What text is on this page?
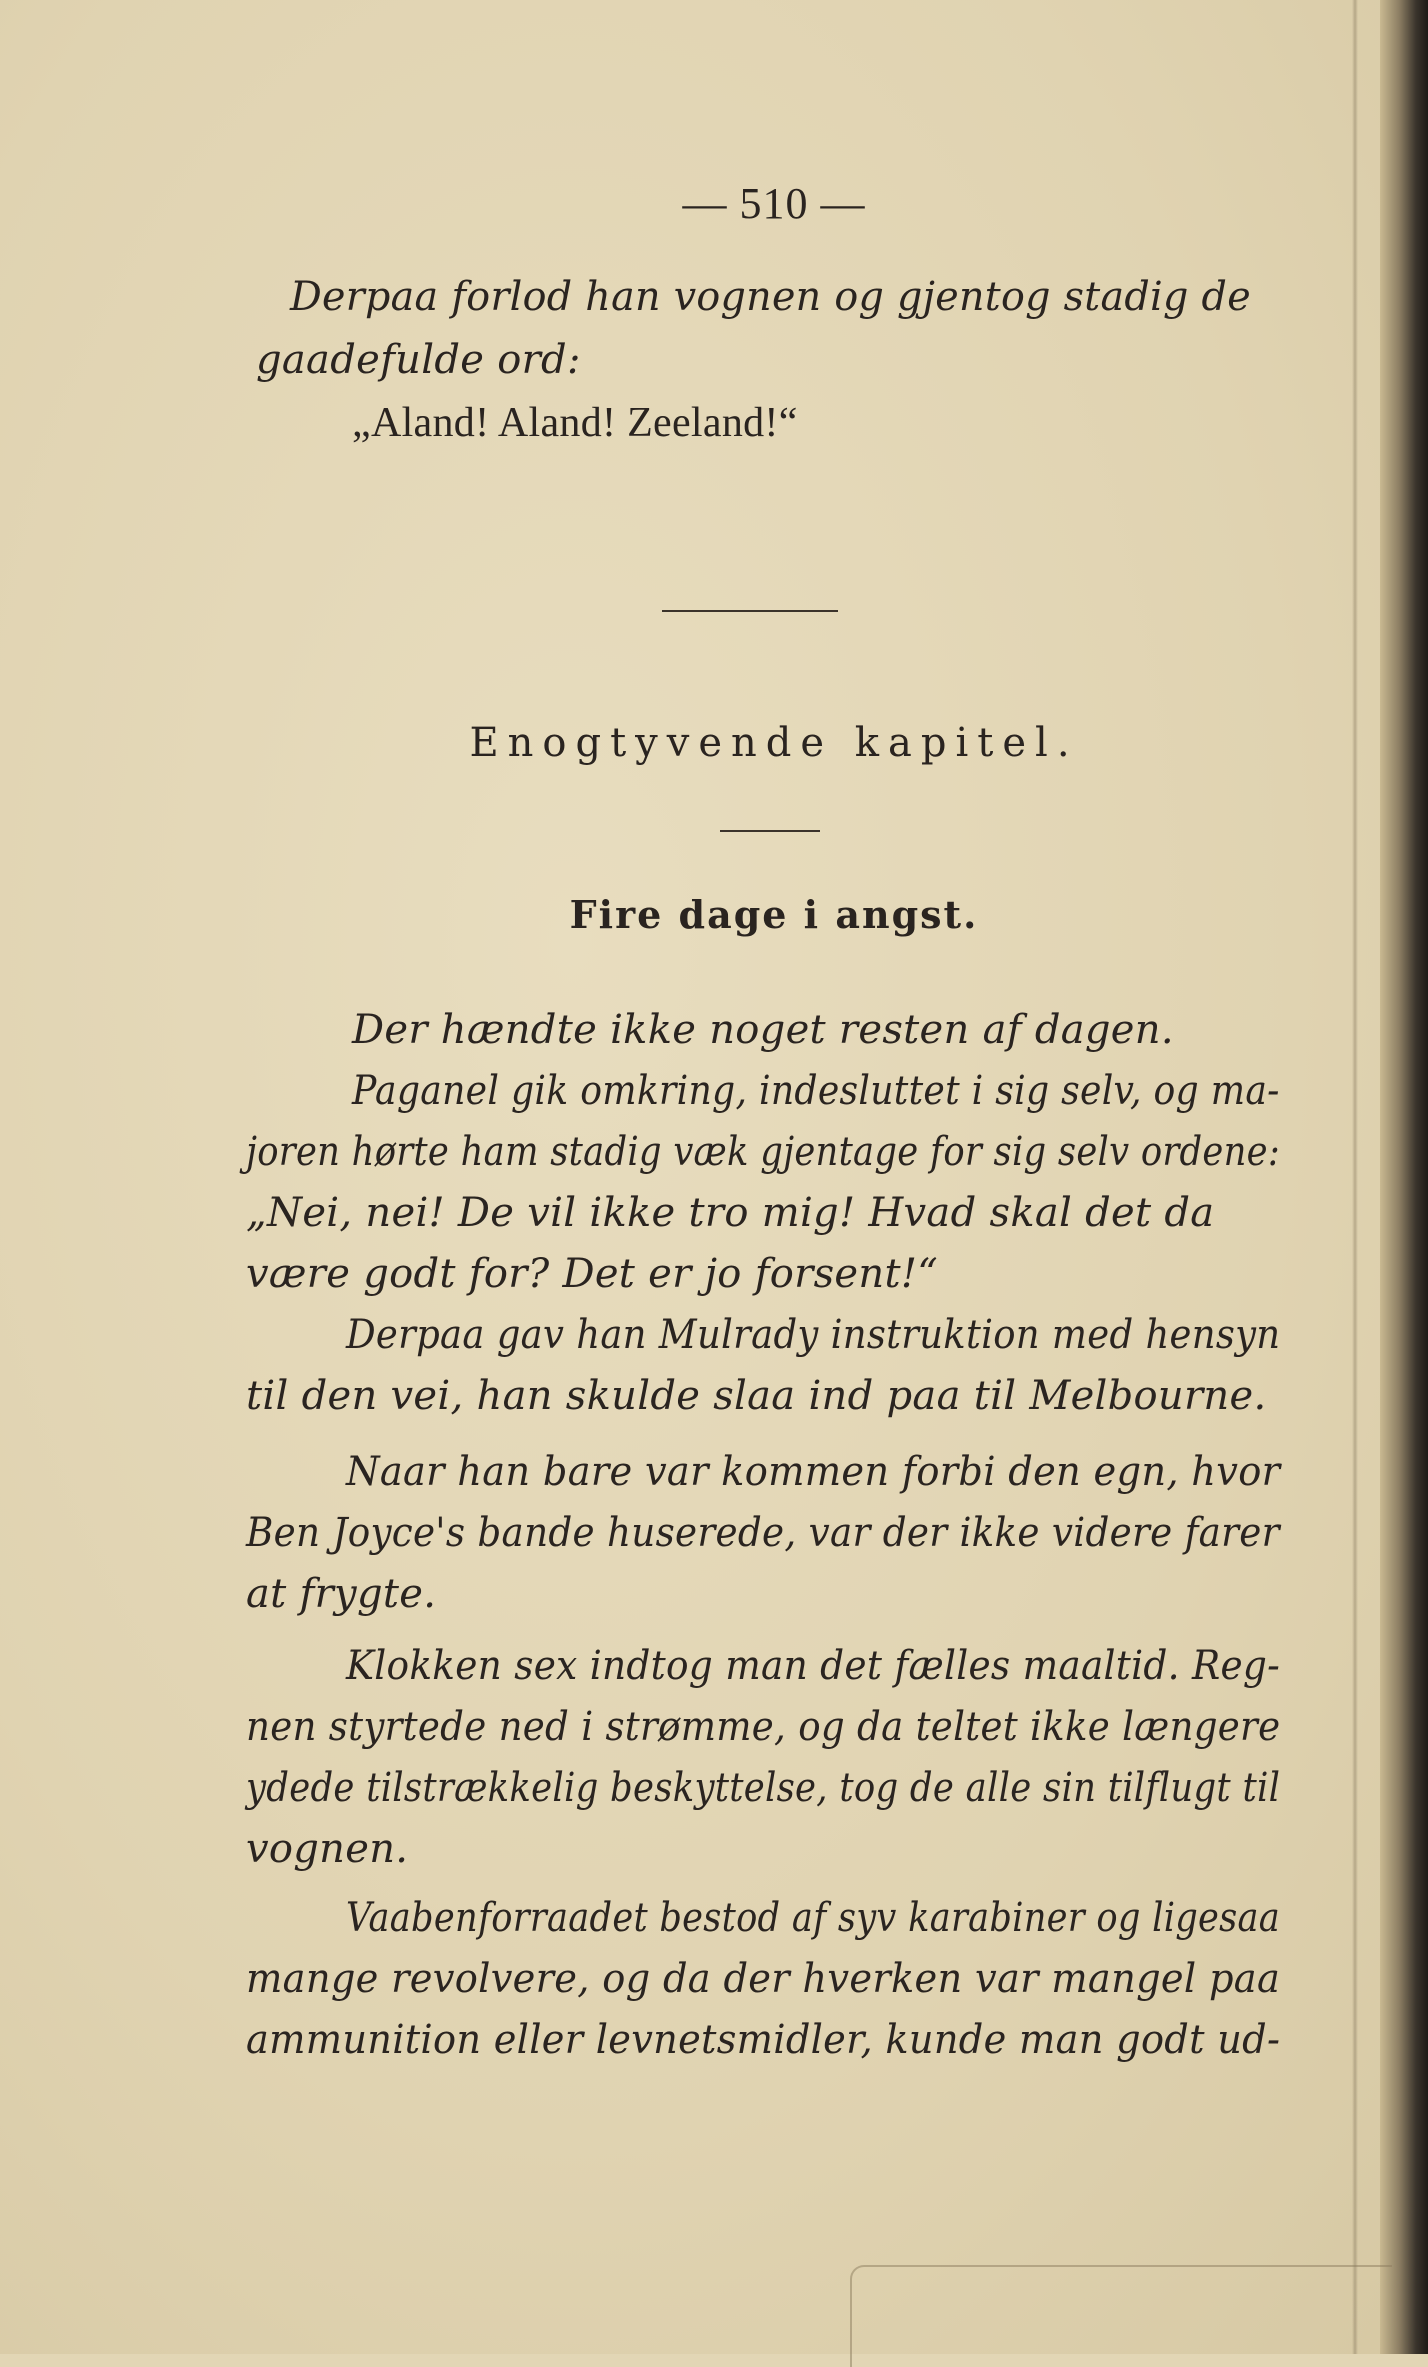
— 510 —
Derpaa forlod han vognen og gjentog stadig de
gaadefulde ord:
„Aland! Aland! Zeeland!“
Enogtyvende kapitel.
Fire dage i angst.
Der hændte ikke noget resten af dagen.
Paganel gik omkring, indesluttet i sig selv, og ma-
joren hørte ham stadig væk gjentage for sig selv ordene:
„Nei, nei! De vil ikke tro mig! Hvad skal det da
være godt for? Det er jo forsent!“
Derpaa gav han Mulrady instruktion med hensyn
til den vei, han skulde slaa ind paa til Melbourne.
Naar han bare var kommen forbi den egn, hvor
Ben Joyce's bande huserede, var der ikke videre farer
at frygte.
Klokken sex indtog man det fælles maaltid. Reg-
nen styrtede ned i strømme, og da teltet ikke længere
ydede tilstrækkelig beskyttelse, tog de alle sin tilflugt til
vognen.
Vaabenforraadet bestod af syv karabiner og ligesaa
mange revolvere, og da der hverken var mangel paa
ammunition eller levnetsmidler, kunde man godt ud-
